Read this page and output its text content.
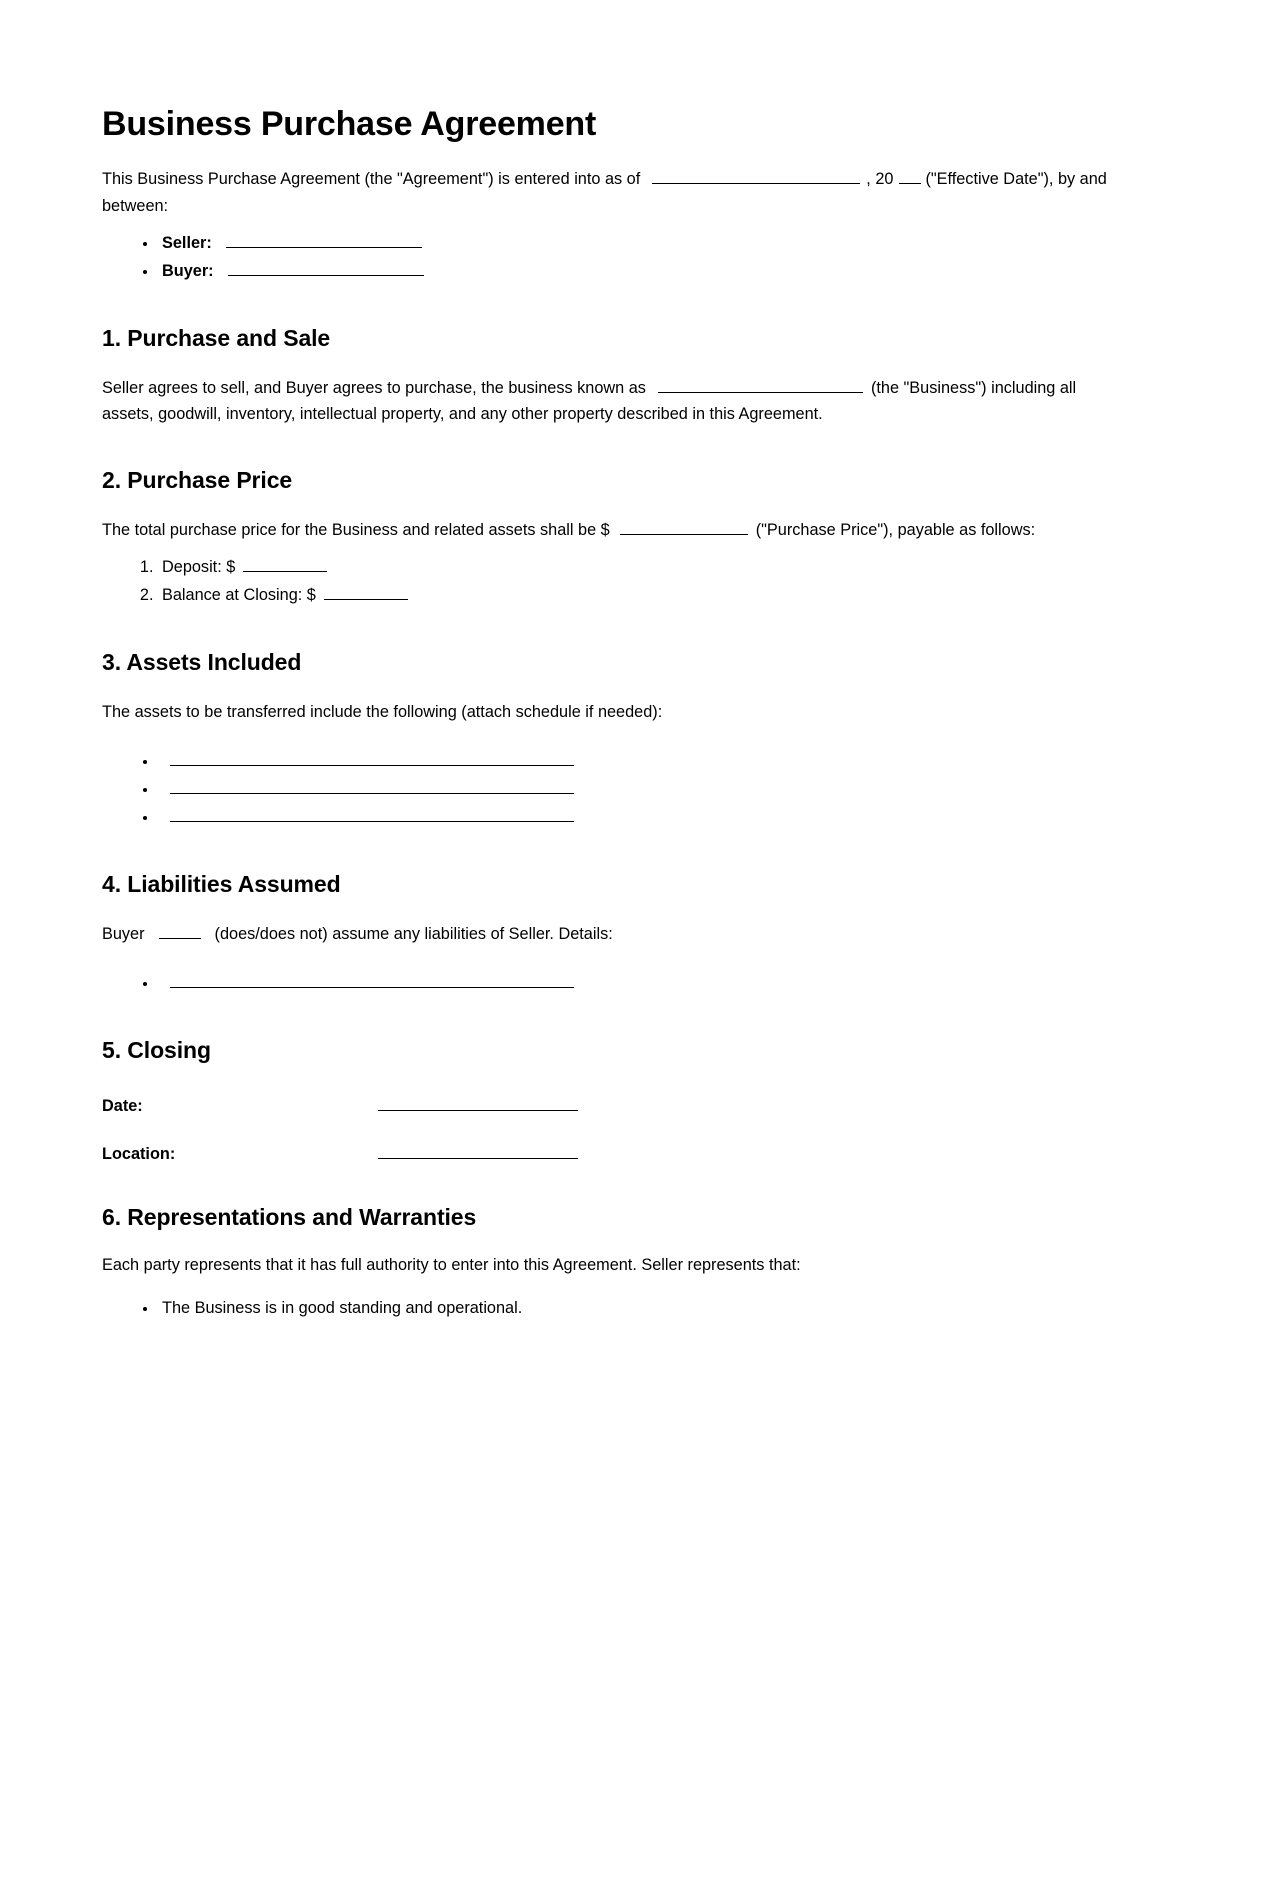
Business Purchase Agreement

This Business Purchase Agreement (the "Agreement") is entered into as of	, 20 ("Effective Date"), by and between:

• Seller:
• Buyer:
1. Purchase and Sale

Seller agrees to sell, and Buyer agrees to purchase, the business known as	(the "Business") including all assets, goodwill, inventory, intellectual property, and any other property described in this Agreement.

2. Purchase Price

The total purchase price for the Business and related assets shall be $	("Purchase Price"), payable as follows:

1. Deposit: $
2. Balance at Closing: $
3. Assets Included

The assets to be transferred include the following (attach schedule if needed):

•
•
•
4. Liabilities Assumed

Buyer	(does/does not) assume any liabilities of Seller. Details:

•
5. Closing
Date:
Location:
6. Representations and Warranties

Each party represents that it has full authority to enter into this Agreement. Seller represents that:

• The Business is in good standing and operational.
